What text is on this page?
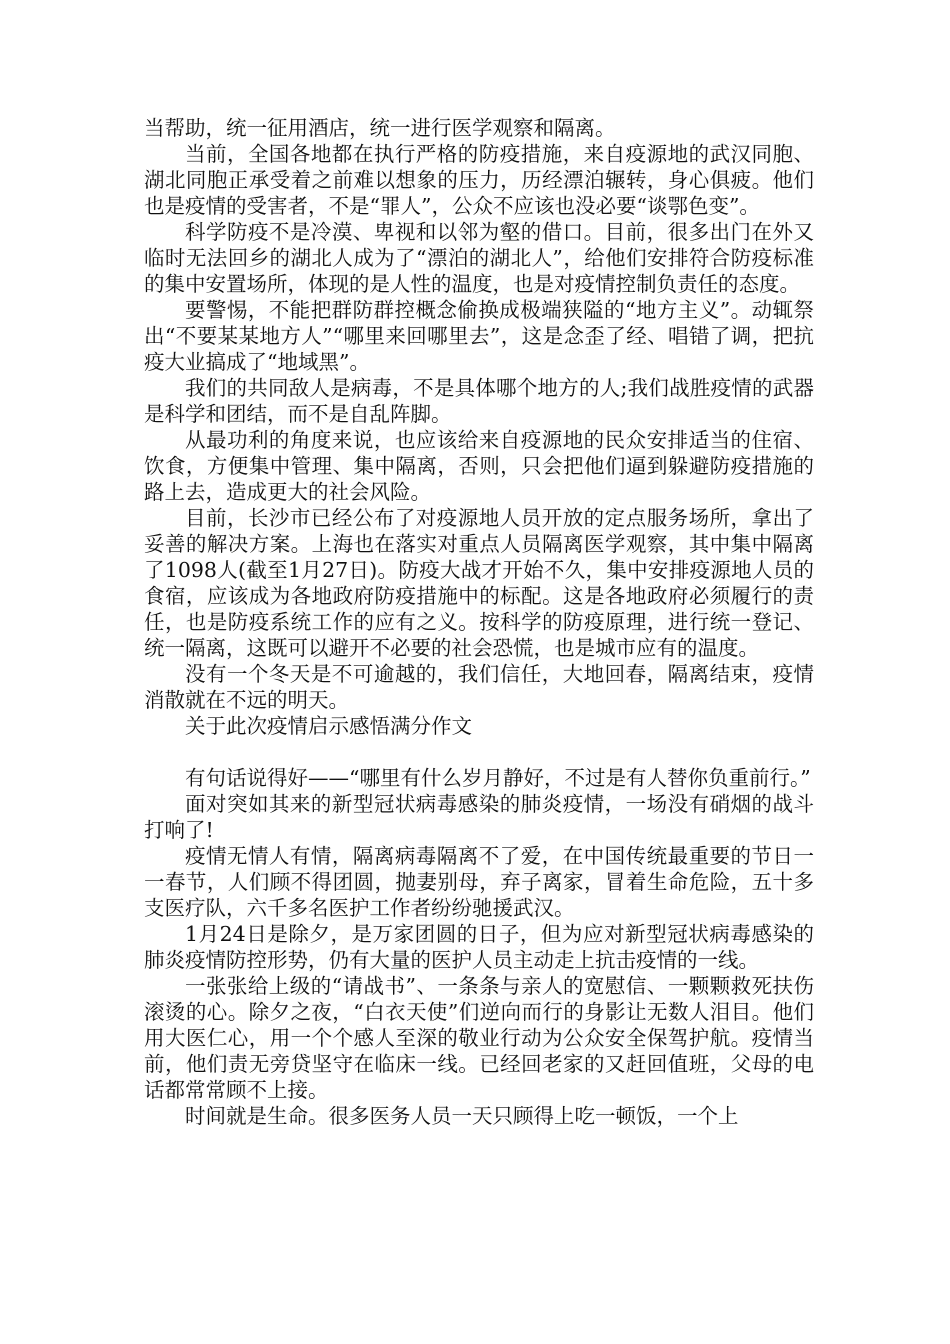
当帮助，统一征用酒店，统一进行医学观察和隔离。

当前，全国各地都在执行严格的防疫措施，来自疫源地的武汉同胞、湖北同胞正承受着之前难以想象的压力，历经漂泊辗转，身心俱疲。他们也是疫情的受害者，不是“罪人”，公众不应该也没必要“谈鄂色变”。

科学防疫不是冷漠、卑视和以邻为壑的借口。目前，很多出门在外又临时无法回乡的湖北人成为了“漂泊的湖北人”，给他们安排符合防疫标准的集中安置场所，体现的是人性的温度，也是对疫情控制负责任的态度。

要警惕，不能把群防群控概念偷换成极端狭隘的“地方主义”。动辄祭出“不要某某地方人”“哪里来回哪里去”，这是念歪了经、唱错了调，把抗疫大业搞成了“地域黑”。

我们的共同敌人是病毒，不是具体哪个地方的人;我们战胜疫情的武器是科学和团结，而不是自乱阵脚。

从最功利的角度来说，也应该给来自疫源地的民众安排适当的住宿、饮食，方便集中管理、集中隔离，否则，只会把他们逼到躲避防疫措施的路上去，造成更大的社会风险。

目前，长沙市已经公布了对疫源地人员开放的定点服务场所，拿出了妥善的解决方案。上海也在落实对重点人员隔离医学观察，其中集中隔离了1098人(截至1月27日)。防疫大战才开始不久，集中安排疫源地人员的食宿，应该成为各地政府防疫措施中的标配。这是各地政府必须履行的责任，也是防疫系统工作的应有之义。按科学的防疫原理，进行统一登记、统一隔离，这既可以避开不必要的社会恐慌，也是城市应有的温度。

没有一个冬天是不可逾越的，我们信任，大地回春，隔离结束，疫情消散就在不远的明天。

关于此次疫情启示感悟满分作文

有句话说得好——“哪里有什么岁月静好，不过是有人替你负重前行。”

面对突如其来的新型冠状病毒感染的肺炎疫情，一场没有硝烟的战斗打响了!

疫情无情人有情，隔离病毒隔离不了爱，在中国传统最重要的节日一一春节，人们顾不得团圆，抛妻别母，弃子离家，冒着生命危险，五十多支医疗队，六千多名医护工作者纷纷驰援武汉。

1月24日是除夕，是万家团圆的日子，但为应对新型冠状病毒感染的肺炎疫情防控形势，仍有大量的医护人员主动走上抗击疫情的一线。

一张张给上级的“请战书”、一条条与亲人的宽慰信、一颗颗救死扶伤滚烫的心。除夕之夜，“白衣天使”们逆向而行的身影让无数人泪目。他们用大医仁心，用一个个感人至深的敬业行动为公众安全保驾护航。疫情当前，他们责无旁贷坚守在临床一线。已经回老家的又赶回值班，父母的电话都常常顾不上接。

时间就是生命。很多医务人员一天只顾得上吃一顿饭，一个上
